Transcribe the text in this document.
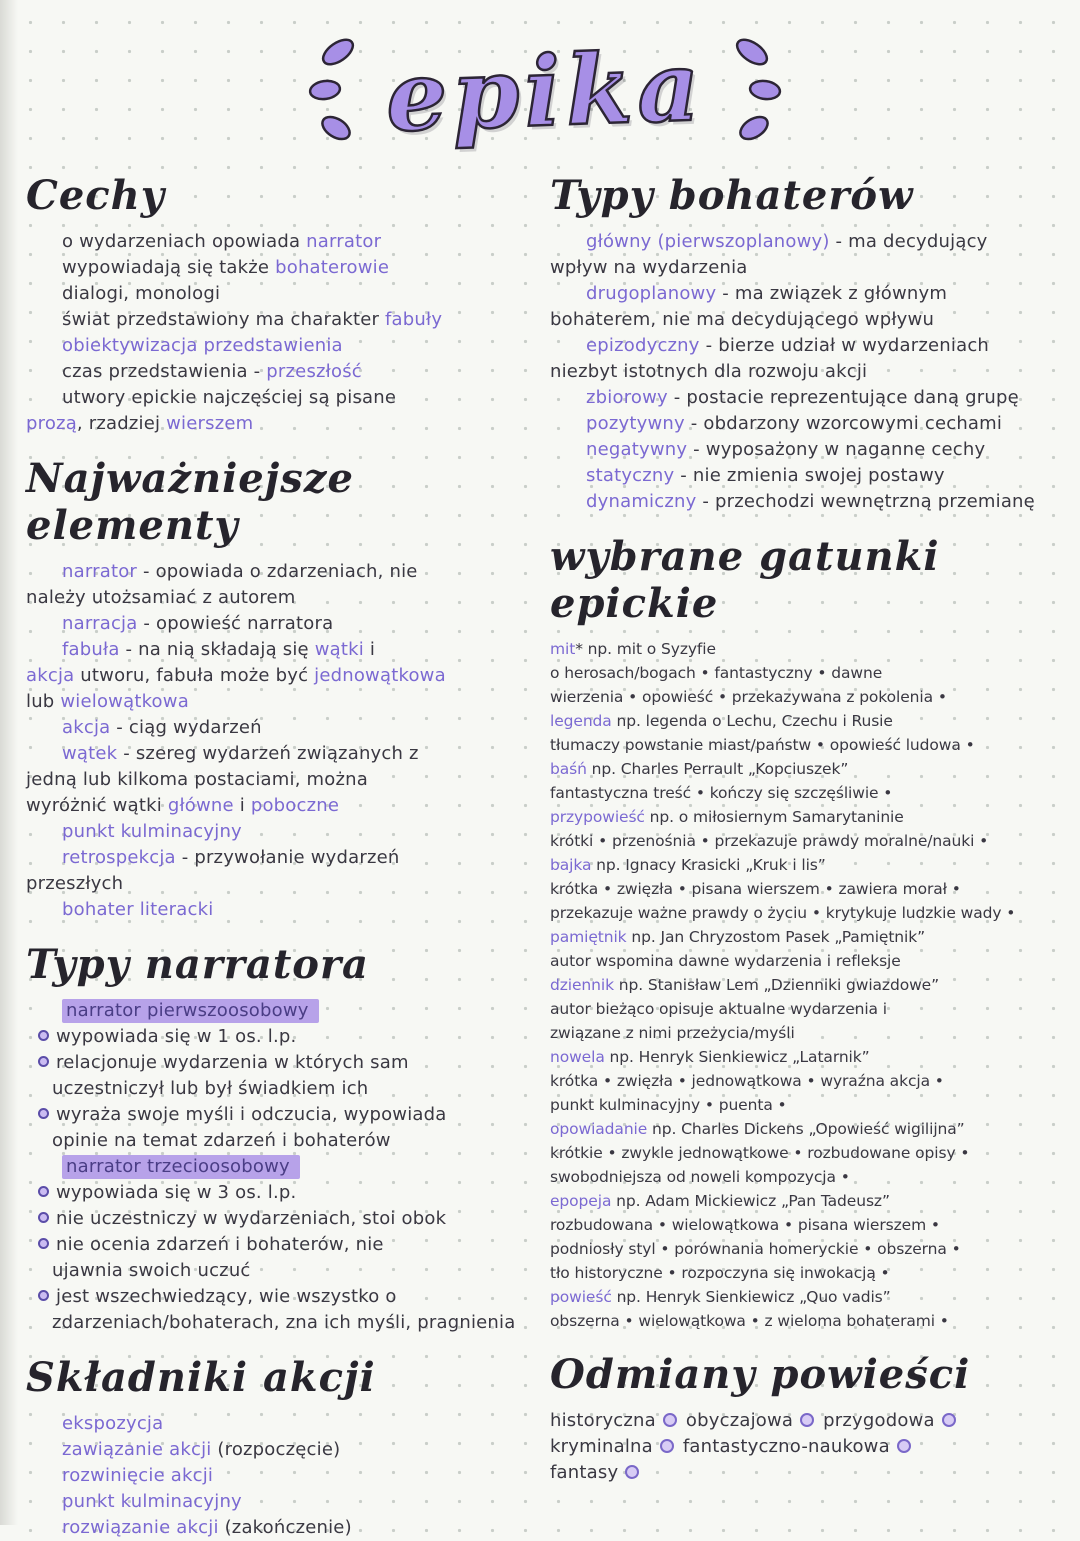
epika
Cechy
o wydarzeniach opowiada narrator
wypowiadają się także bohaterowie
dialogi, monologi
świat przedstawiony ma charakter fabuły
obiektywizacja przedstawienia
czas przedstawienia - przeszłość
utwory epickie najczęściej są pisane
prozą, rzadziej wierszem
Najważniejsze elementy
narrator - opowiada o zdarzeniach, nie
należy utożsamiać z autorem
narracja - opowieść narratora
fabuła - na nią składają się wątki i
akcja utworu, fabuła może być jednowątkowa
lub wielowątkowa
akcja - ciąg wydarzeń
wątek - szereg wydarzeń związanych z
jedną lub kilkoma postaciami, można
wyróżnić wątki główne i poboczne
punkt kulminacyjny
retrospekcja - przywołanie wydarzeń
przeszłych
bohater literacki
Typy narratora
narrator pierwszoosobowy
wypowiada się w 1 os. l.p.
relacjonuje wydarzenia w których sam
uczestniczył lub był świadkiem ich
wyraża swoje myśli i odczucia, wypowiada
opinie na temat zdarzeń i bohaterów
narrator trzecioosobowy
wypowiada się w 3 os. l.p.
nie uczestniczy w wydarzeniach, stoi obok
nie ocenia zdarzeń i bohaterów, nie
ujawnia swoich uczuć
jest wszechwiedzący, wie wszystko o
zdarzeniach/bohaterach, zna ich myśli, pragnienia
Składniki akcji
ekspozycja
zawiązanie akcji (rozpoczęcie)
rozwinięcie akcji
punkt kulminacyjny
rozwiązanie akcji (zakończenie)
Typy bohaterów
główny (pierwszoplanowy) - ma decydujący
wpływ na wydarzenia
drugoplanowy - ma związek z głównym
bohaterem, nie ma decydującego wpływu
epizodyczny - bierze udział w wydarzeniach
niezbyt istotnych dla rozwoju akcji
zbiorowy - postacie reprezentujące daną grupę
pozytywny - obdarzony wzorcowymi cechami
negatywny - wyposażony w naganne cechy
statyczny - nie zmienia swojej postawy
dynamiczny - przechodzi wewnętrzną przemianę
wybrane gatunki epickie
mit* np. mit o Syzyfie
o herosach/bogach • fantastyczny • dawne
wierzenia • opowieść • przekazywana z pokolenia •
legenda np. legenda o Lechu, Czechu i Rusie
tłumaczy powstanie miast/państw • opowieść ludowa •
baśń np. Charles Perrault „Kopciuszek”
fantastyczna treść • kończy się szczęśliwie •
przypowieść np. o miłosiernym Samarytaninie
krótki • przenośnia • przekazuje prawdy moralne/nauki •
bajka np. Ignacy Krasicki „Kruk i lis”
krótka • zwięzła • pisana wierszem • zawiera morał •
przekazuje ważne prawdy o życiu • krytykuje ludzkie wady •
pamiętnik np. Jan Chryzostom Pasek „Pamiętnik”
autor wspomina dawne wydarzenia i refleksje
dziennik np. Stanisław Lem „Dzienniki gwiazdowe”
autor bieżąco opisuje aktualne wydarzenia i
związane z nimi przeżycia/myśli
nowela np. Henryk Sienkiewicz „Latarnik”
krótka • zwięzła • jednowątkowa • wyraźna akcja •
punkt kulminacyjny • puenta •
opowiadanie np. Charles Dickens „Opowieść wigilijna”
krótkie • zwykle jednowątkowe • rozbudowane opisy •
swobodniejsza od noweli kompozycja •
epopeja np. Adam Mickiewicz „Pan Tadeusz”
rozbudowana • wielowątkowa • pisana wierszem •
podniosły styl • porównania homeryckie • obszerna •
tło historyczne • rozpoczyna się inwokacją •
powieść np. Henryk Sienkiewicz „Quo vadis”
obszerna • wielowątkowa • z wieloma bohaterami •
Odmiany powieści
historyczna obyczajowa przygodowa
kryminalna fantastyczno-naukowa
fantasy
